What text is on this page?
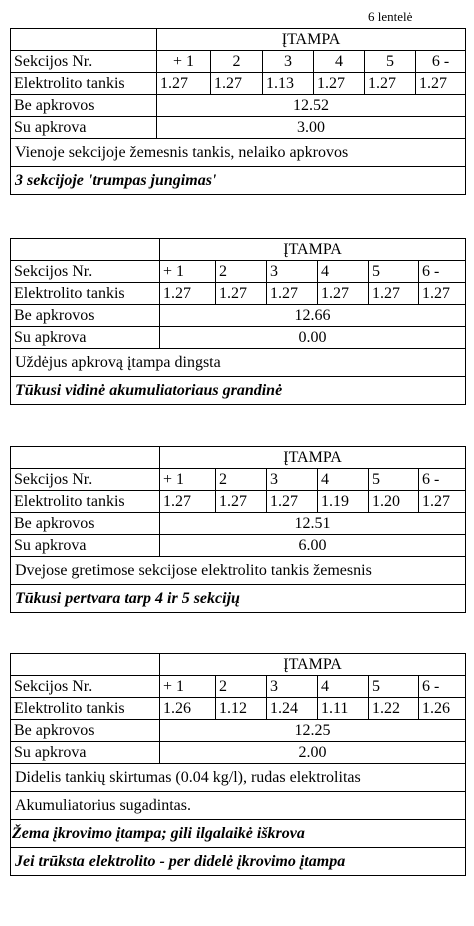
6 lentelė
	ĮTAMPA					
Sekcijos Nr.	+ 1	2	3	4	5	6 -
Elektrolito tankis	1.27	1.27	1.13	1.27	1.27	1.27
Be apkrovos	12.52					
Su apkrova	3.00					
Vienoje sekcijoje žemesnis tankis, nelaiko apkrovos						
3 sekcijoje 'trumpas jungimas'						
	ĮTAMPA					
Sekcijos Nr.	+ 1	2	3	4	5	6 -
Elektrolito tankis	1.27	1.27	1.27	1.27	1.27	1.27
Be apkrovos	12.66					
Su apkrova	0.00					
Uždėjus apkrovą įtampa dingsta						
Tūkusi vidinė akumuliatoriaus grandinė						
	ĮTAMPA					
Sekcijos Nr.	+ 1	2	3	4	5	6 -
Elektrolito tankis	1.27	1.27	1.27	1.19	1.20	1.27
Be apkrovos	12.51					
Su apkrova	6.00					
Dvejose gretimose sekcijose elektrolito tankis žemesnis						
Tūkusi pertvara tarp 4 ir 5 sekcijų						
	ĮTAMPA					
Sekcijos Nr.	+ 1	2	3	4	5	6 -
Elektrolito tankis	1.26	1.12	1.24	1.11	1.22	1.26
Be apkrovos	12.25					
Su apkrova	2.00					
Didelis tankių skirtumas (0.04 kg/l), rudas elektrolitas						
Akumuliatorius sugadintas.						
Žema įkrovimo įtampa; gili ilgalaikė iškrova						
Jei trūksta elektrolito - per didelė įkrovimo įtampa						
